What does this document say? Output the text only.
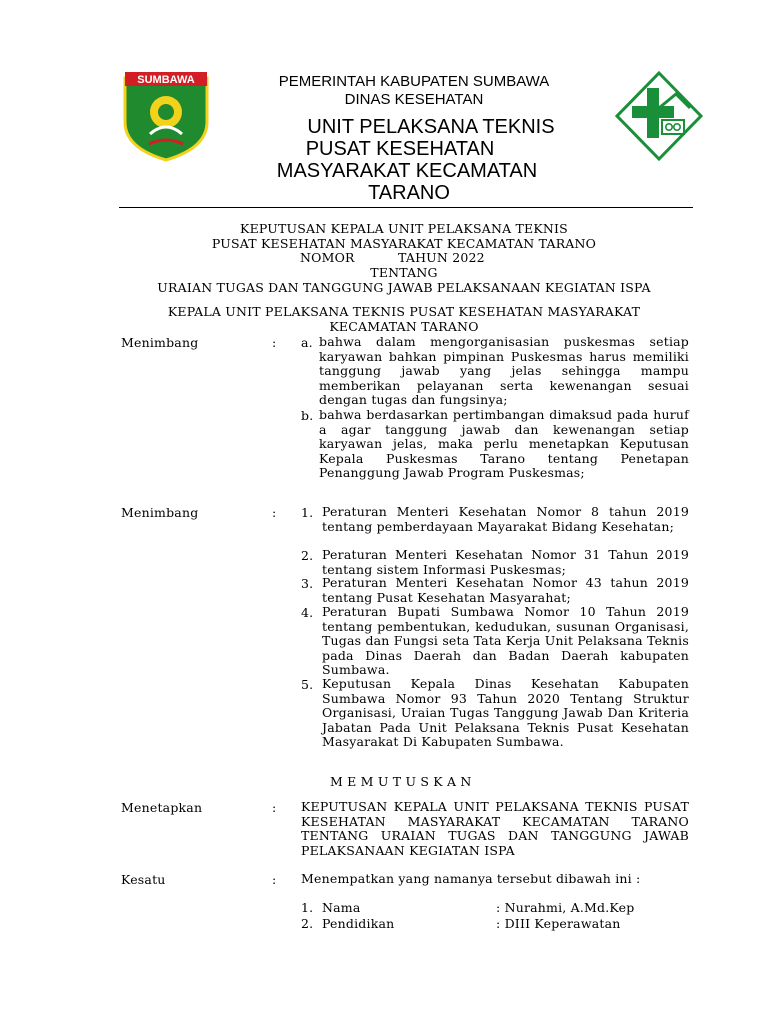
SUMBAWA	PEMERINTAH KABUPATEN SUMBAWA
DINAS KESEHATAN
UNIT PELAKSANA TEKNIS
PUSAT KESEHATAN
MASYARAKAT KECAMATAN
TARANO
KEPUTUSAN KEPALA UNIT PELAKSANA TEKNIS
PUSAT KESEHATAN MASYARAKAT KECAMATAN TARANO
NOMOR	TAHUN 2022
TENTANG
URAIAN TUGAS DAN TANGGUNG JAWAB PELAKSANAAN KEGIATAN ISPA
KEPALA UNIT PELAKSANA TEKNIS PUSAT KESEHATAN MASYARAKAT
KECAMATAN TARANO
Menimbang	: a. bahwa dalam mengorganisasian puskesmas setiap karyawan bahkan pimpinan Puskesmas harus memiliki tanggung jawab yang jelas sehingga mampu memberikan pelayanan serta kewenangan sesuai dengan tugas dan fungsinya;
b. bahwa berdasarkan pertimbangan dimaksud pada huruf a agar tanggung jawab dan kewenangan setiap karyawan jelas, maka perlu menetapkan Keputusan Kepala Puskesmas Tarano tentang Penetapan Penanggung Jawab Program Puskesmas;
Menimbang	: 1. Peraturan Menteri Kesehatan Nomor 8 tahun 2019 tentang pemberdayaan Mayarakat Bidang Kesehatan;
2. Peraturan Menteri Kesehatan Nomor 31 Tahun 2019 tentang sistem Informasi Puskesmas;
3. Peraturan Menteri Kesehatan Nomor 43 tahun 2019 tentang Pusat Kesehatan Masyarahat;
4. Peraturan Bupati Sumbawa Nomor 10 Tahun 2019 tentang pembentukan, kedudukan, susunan Organisasi, Tugas dan Fungsi seta Tata Kerja Unit Pelaksana Teknis pada Dinas Daerah dan Badan Daerah kabupaten Sumbawa.
5. Keputusan Kepala Dinas Kesehatan Kabupaten Sumbawa Nomor 93 Tahun 2020 Tentang Struktur Organisasi, Uraian Tugas Tanggung Jawab Dan Kriteria Jabatan Pada Unit Pelaksana Teknis Pusat Kesehatan Masyarakat Di Kabupaten Sumbawa.
M E M U T U S K A N
Menetapkan	: KEPUTUSAN KEPALA UNIT PELAKSANA TEKNIS PUSAT KESEHATAN MASYARAKAT KECAMATAN TARANO TENTANG URAIAN TUGAS DAN TANGGUNG JAWAB PELAKSANAAN KEGIATAN ISPA
Kesatu	: Menempatkan yang namanya tersebut dibawah ini :
1. Nama	: Nurahmi, A.Md.Kep
2. Pendidikan	: DIII Keperawatan
